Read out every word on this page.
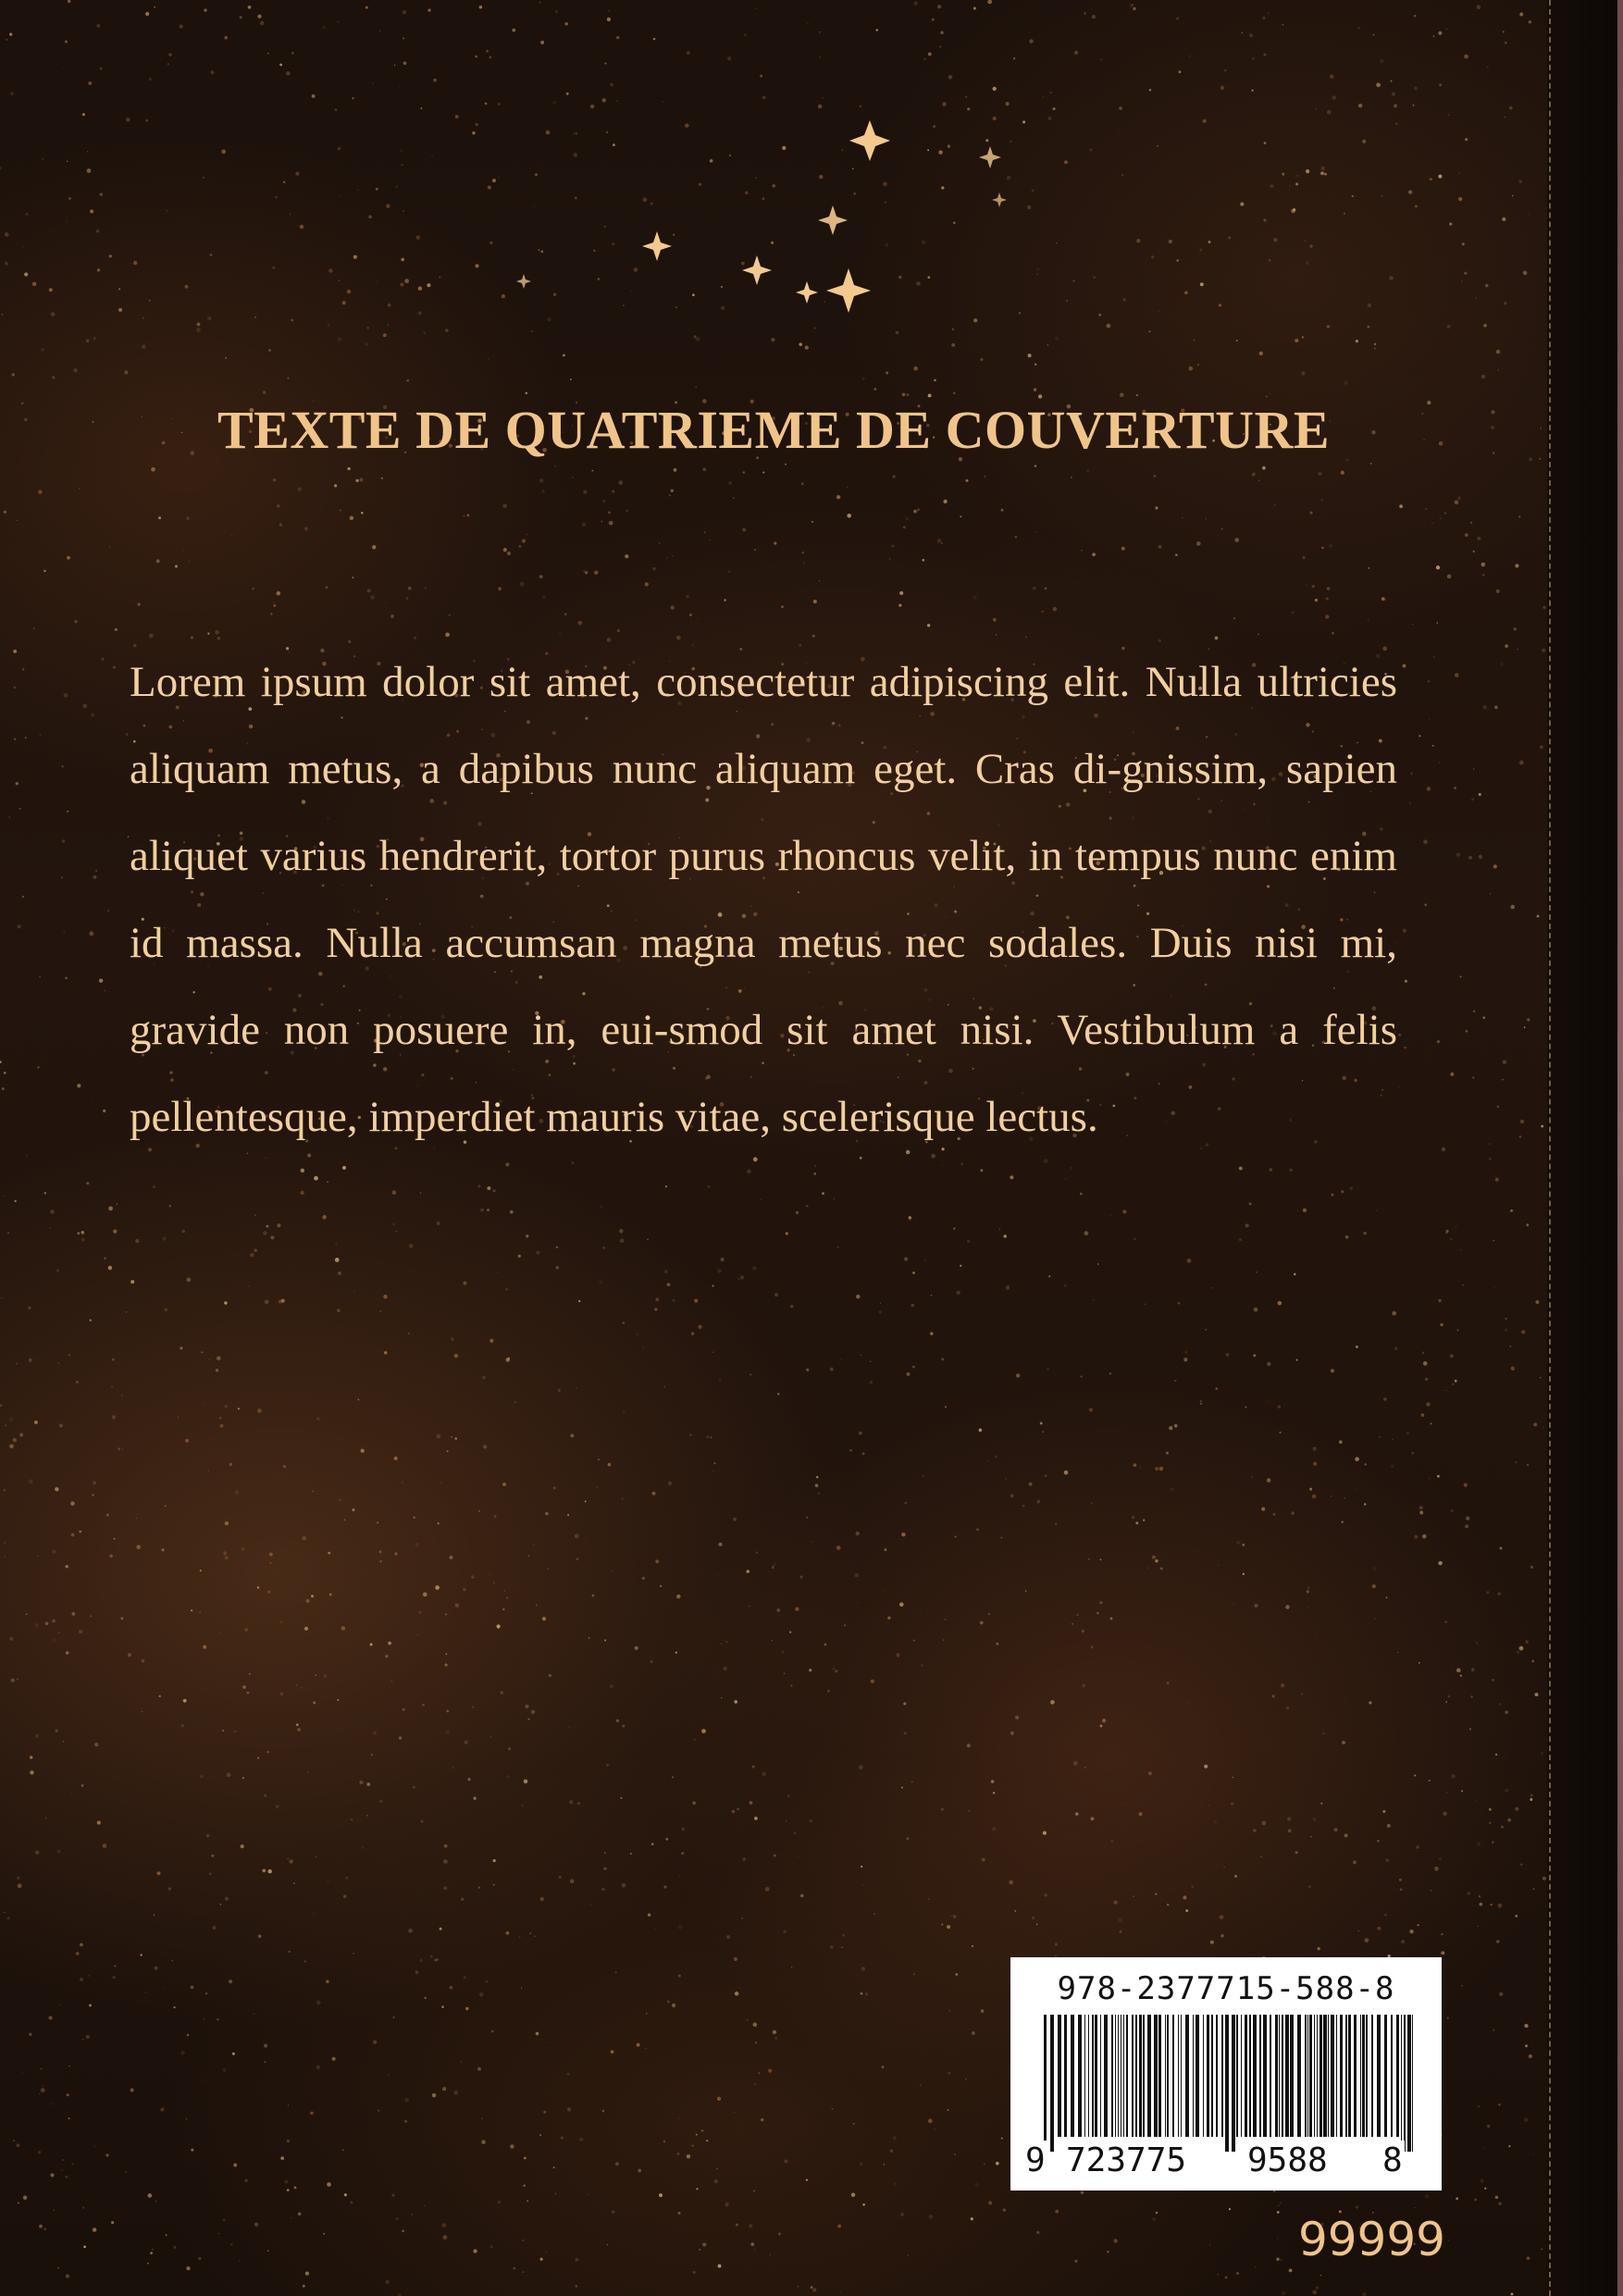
TEXTE DE QUATRIEME DE COUVERTURE

Lorem ipsum dolor sit amet, consectetur adipiscing elit. Nulla ultricies aliquam metus, a dapibus nunc aliquam eget. Cras di-gnissim, sapien aliquet varius hendrerit, tortor purus rhoncus velit, in tempus nunc enim id massa. Nulla accumsan magna metus nec sodales. Duis nisi mi, gravide non posuere in, eui-smod sit amet nisi. Vestibulum a felis pellentesque, imperdiet mauris vitae, scelerisque lectus.

978-2377715-588-8
9 723775 9588 8
99999
